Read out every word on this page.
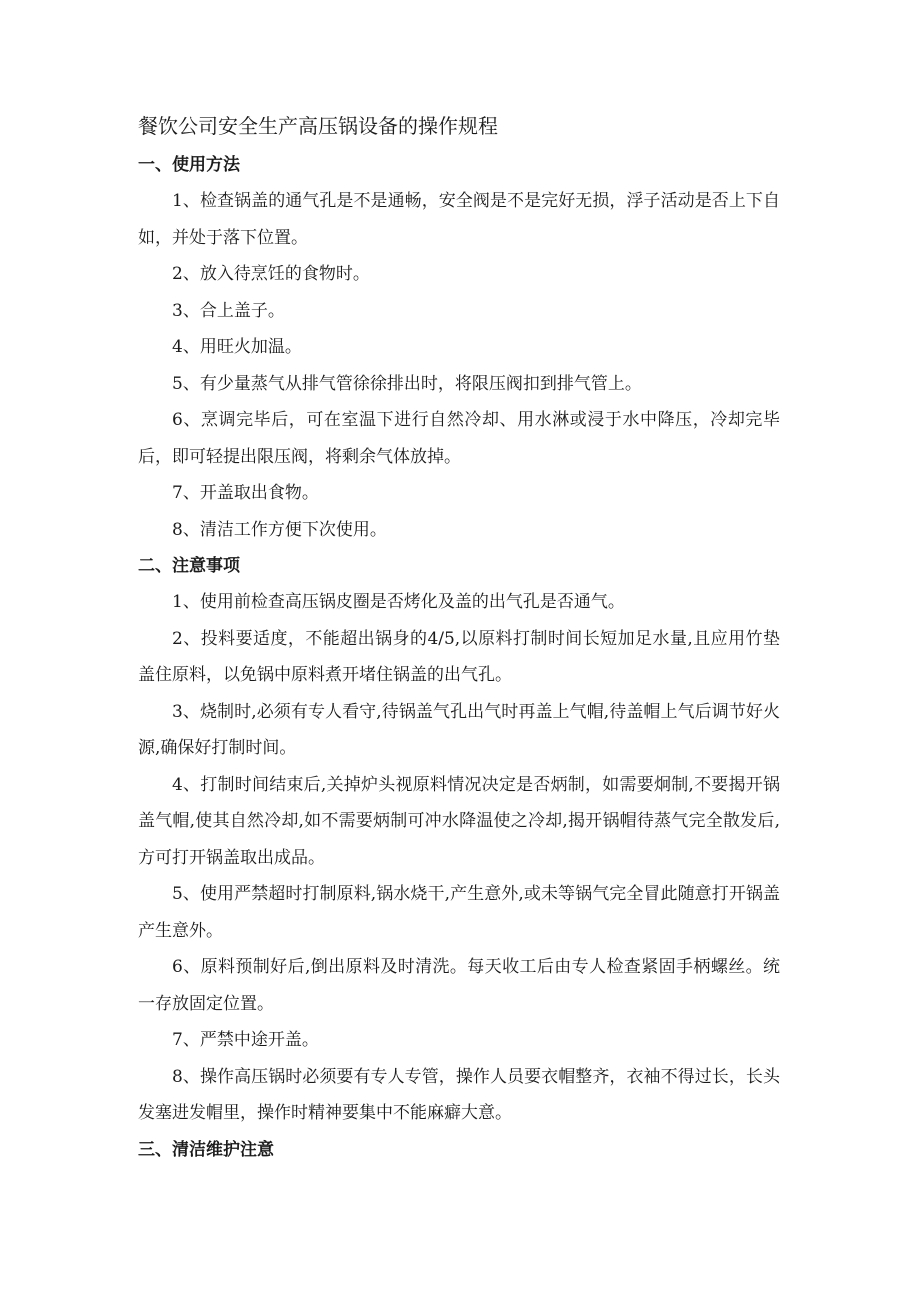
餐饮公司安全生产高压锅设备的操作规程
一、使用方法

1、检查锅盖的通气孔是不是通畅，安全阀是不是完好无损，浮子活动是否上下自如，并处于落下位置。

2、放入待烹饪的食物时。

3、合上盖子。

4、用旺火加温。

5、有少量蒸气从排气管徐徐排出时，将限压阀扣到排气管上。

6、烹调完毕后，可在室温下进行自然冷却、用水淋或浸于水中降压，冷却完毕后，即可轻提出限压阀，将剩余气体放掉。

7、开盖取出食物。

8、清洁工作方便下次使用。

二、注意事项

1、使用前检查高压锅皮圈是否烤化及盖的出气孔是否通气。

2、投料要适度，不能超出锅身的4/5,以原料打制时间长短加足水量,且应用竹垫盖住原料，以免锅中原料煮开堵住锅盖的出气孔。

3、烧制时,必须有专人看守,待锅盖气孔出气时再盖上气帽,待盖帽上气后调节好火源,确保好打制时间。

4、打制时间结束后,关掉炉头视原料情况决定是否炳制，如需要炯制,不要揭开锅盖气帽,使其自然冷却,如不需要炳制可冲水降温使之冷却,揭开锅帽待蒸气完全散发后,方可打开锅盖取出成品。

5、使用严禁超时打制原料,锅水烧干,产生意外,或未等锅气完全冒此随意打开锅盖产生意外。

6、原料预制好后,倒出原料及时清洗。每天收工后由专人检查紧固手柄螺丝。统一存放固定位置。

7、严禁中途开盖。

8、操作高压锅时必须要有专人专管，操作人员要衣帽整齐，衣袖不得过长，长头发塞进发帽里，操作时精神要集中不能麻癖大意。

三、清洁维护注意
